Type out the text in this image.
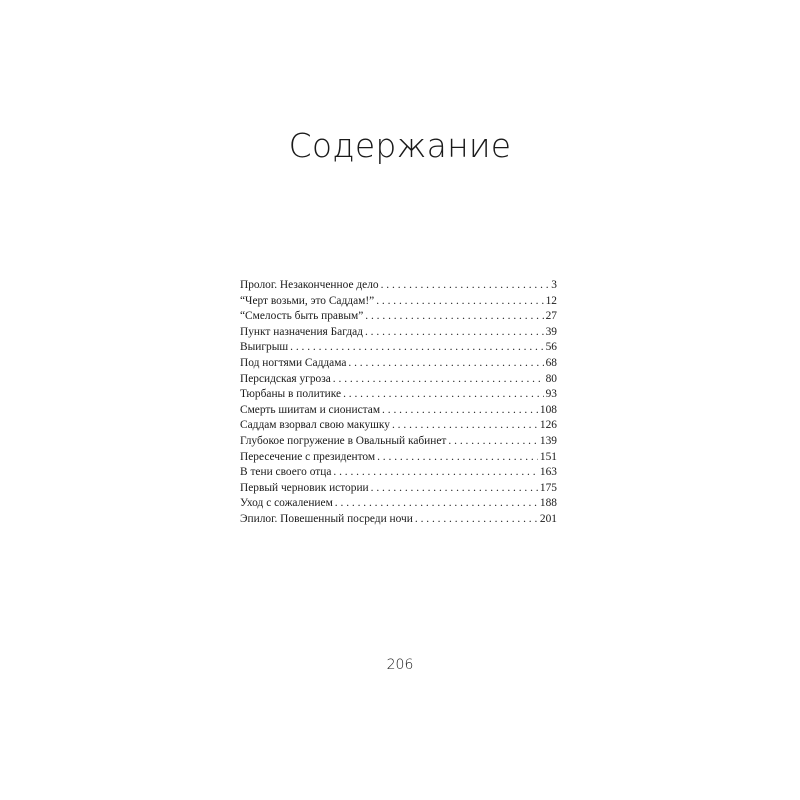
Содержание
Пролог. Незаконченное дело . . .	3
“Черт возьми, это Саддам!” . . .	12
“Смелость быть правым” . . .	27
Пункт назначения Багдад . . .	39
Выигрыш . . .	56
Под ногтями Саддама . . .	68
Персидская угроза . . .	80
Тюрбаны в политике . . .	93
Смерть шиитам и сионистам . . .	108
Саддам взорвал свою макушку . . .	126
Глубокое погружение в Овальный кабинет . . .	139
Пересечение с президентом . . .	151
В тени своего отца . . .	163
Первый черновик истории . . .	175
Уход с сожалением . . .	188
Эпилог. Повешенный посреди ночи . . .	201
206
